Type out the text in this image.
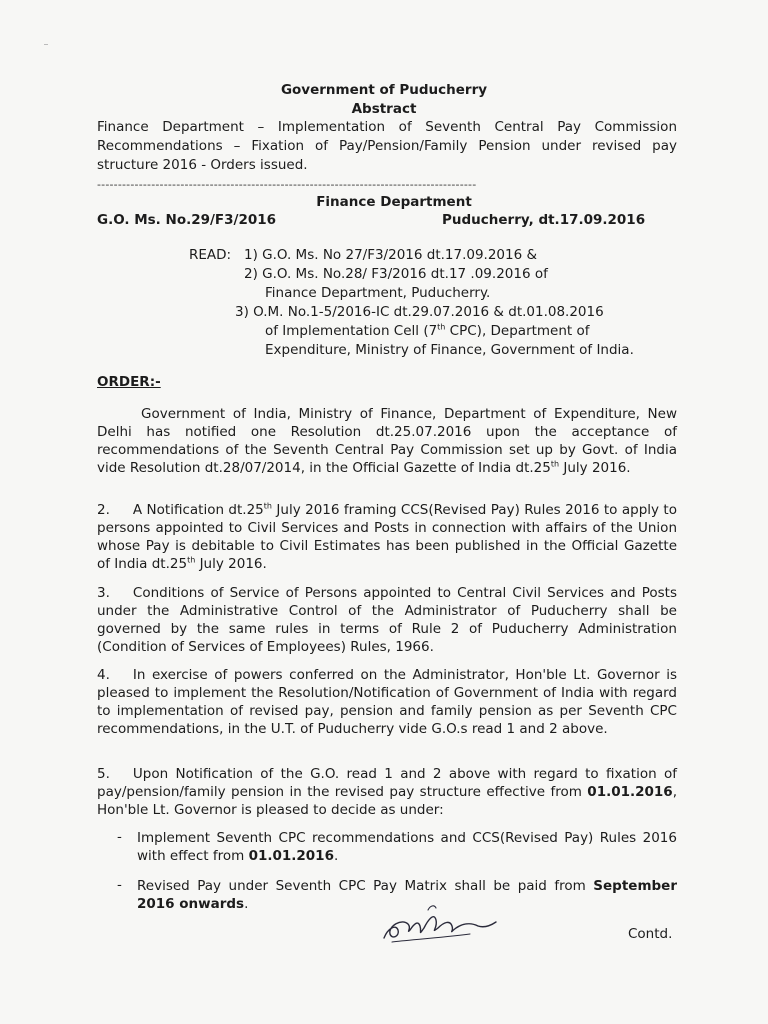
Government of Puducherry
Abstract
Finance Department – Implementation of Seventh Central Pay Commission Recommendations – Fixation of Pay/Pension/Family Pension under revised pay structure 2016 - Orders issued.
-------------------------------------------------------------------------------------------
Finance Department
G.O. Ms. No.29/F3/2016	Puducherry, dt.17.09.2016
READ: 1) G.O. Ms. No 27/F3/2016 dt.17.09.2016 &
2) G.O. Ms. No.28/ F3/2016 dt.17 .09.2016 of
Finance Department, Puducherry.
3) O.M. No.1-5/2016-IC dt.29.07.2016 & dt.01.08.2016
of Implementation Cell (7th CPC), Department of
Expenditure, Ministry of Finance, Government of India.
ORDER:-
Government of India, Ministry of Finance, Department of Expenditure, New Delhi has notified one Resolution dt.25.07.2016 upon the acceptance of recommendations of the Seventh Central Pay Commission set up by Govt. of India vide Resolution dt.28/07/2014, in the Official Gazette of India dt.25th July 2016.
2. A Notification dt.25th July 2016 framing CCS(Revised Pay) Rules 2016 to apply to persons appointed to Civil Services and Posts in connection with affairs of the Union whose Pay is debitable to Civil Estimates has been published in the Official Gazette of India dt.25th July 2016.
3. Conditions of Service of Persons appointed to Central Civil Services and Posts under the Administrative Control of the Administrator of Puducherry shall be governed by the same rules in terms of Rule 2 of Puducherry Administration (Condition of Services of Employees) Rules, 1966.
4. In exercise of powers conferred on the Administrator, Hon'ble Lt. Governor is pleased to implement the Resolution/Notification of Government of India with regard to implementation of revised pay, pension and family pension as per Seventh CPC recommendations, in the U.T. of Puducherry vide G.O.s read 1 and 2 above.
5. Upon Notification of the G.O. read 1 and 2 above with regard to fixation of pay/pension/family pension in the revised pay structure effective from 01.01.2016, Hon'ble Lt. Governor is pleased to decide as under:
- Implement Seventh CPC recommendations and CCS(Revised Pay) Rules 2016 with effect from 01.01.2016.
- Revised Pay under Seventh CPC Pay Matrix shall be paid from September 2016 onwards.
Contd.
